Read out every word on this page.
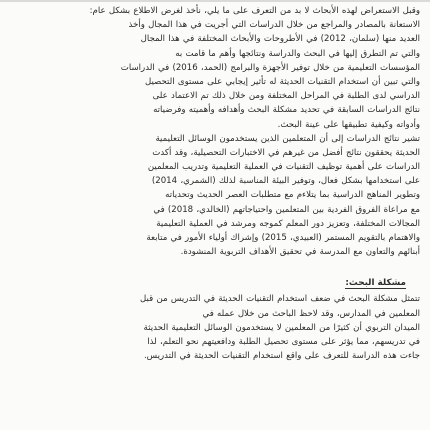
وقبل الاستعراض لهذه الأبحاث لا بد من التعرف على ما يلي، نأخذ لغرض الاطلاع بشكل عام:
الاستعانة بالمصادر والمراجع من خلال الدراسات التي أجريت في هذا المجال وأخذ
العديد منها (سلمان، 2012) في الأطروحات والأبحاث المختلفة في هذا المجال
والتي تم التطرق إليها في البحث والدراسة ونتائجها وأهم ما قامت به
المؤسسات التعليمية من خلال توفير الأجهزة والبرامج (الحمد، 2016) في الدراسات
والتي تبين أن استخدام التقنيات الحديثة له تأثير إيجابي على مستوى التحصيل
الدراسي لدى الطلبة في المراحل المختلفة ومن خلال ذلك تم الاعتماد على
نتائج الدراسات السابقة في تحديد مشكلة البحث وأهدافه وأهميته وفرضياته
وأدواته وكيفية تطبيقها على عينة البحث.
تشير نتائج الدراسات إلى أن المتعلمين الذين يستخدمون الوسائل التعليمية
الحديثة يحققون نتائج أفضل من غيرهم في الاختبارات التحصيلية، وقد أكدت
الدراسات على أهمية توظيف التقنيات في العملية التعليمية وتدريب المعلمين
على استخدامها بشكل فعال، وتوفير البيئة المناسبة لذلك (الشمري، 2014)
وتطوير المناهج الدراسية بما يتلاءم مع متطلبات العصر الحديث وتحدياته
مع مراعاة الفروق الفردية بين المتعلمين واحتياجاتهم (الخالدي، 2018) في
المجالات المختلفة، وتعزيز دور المعلم كموجه ومرشد في العملية التعليمية
والاهتمام بالتقويم المستمر (العبيدي، 2015) وإشراك أولياء الأمور في متابعة
أبنائهم والتعاون مع المدرسة في تحقيق الأهداف التربوية المنشودة.
مشكلة البحث:
تتمثل مشكلة البحث في ضعف استخدام التقنيات الحديثة في التدريس من قبل
المعلمين في المدارس، وقد لاحظ الباحث من خلال عمله في
الميدان التربوي أن كثيرًا من المعلمين لا يستخدمون الوسائل التعليمية الحديثة
في تدريسهم، مما يؤثر على مستوى تحصيل الطلبة ودافعيتهم نحو التعلم، لذا
جاءت هذه الدراسة للتعرف على واقع استخدام التقنيات الحديثة في التدريس.
